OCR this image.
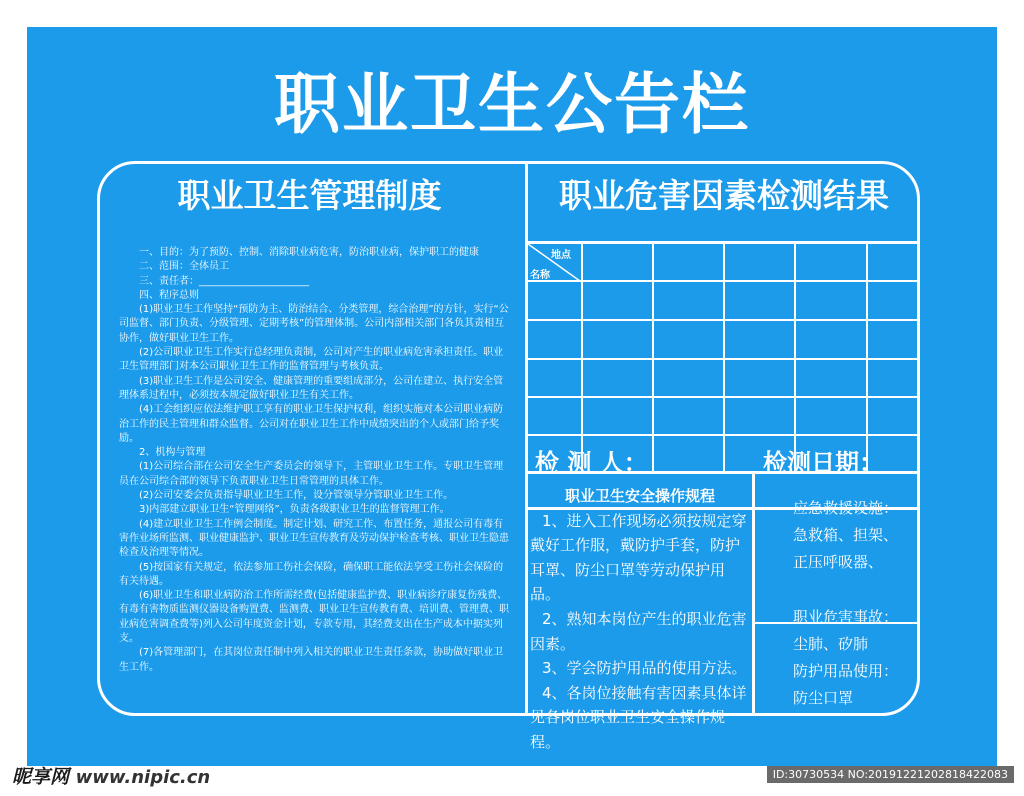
职业卫生公告栏
职业卫生管理制度	职业危害因素检测结果

一、目的：为了预防、控制、消除职业病危害，防治职业病，保护职工的健康

二、范围：全体员工

三、责任者：______________________

四、程序总则

(1)职业卫生工作坚持“预防为主、防治结合、分类管理，综合治理”的方针，实行“公司监督、部门负责、分级管理、定期考核”的管理体制。公司内部相关部门各负其责相互协作，做好职业卫生工作。

(2)公司职业卫生工作实行总经理负责制，公司对产生的职业病危害承担责任。职业卫生管理部门对本公司职业卫生工作的监督管理与考核负责。

(3)职业卫生工作是公司安全、健康管理的重要组成部分，公司在建立、执行安全管理体系过程中，必须按本规定做好职业卫生有关工作。

(4)工会组织应依法维护职工享有的职业卫生保护权利，组织实施对本公司职业病防治工作的民主管理和群众监督。公司对在职业卫生工作中成绩突出的个人或部门给予奖励。

2、机构与管理

(1)公司综合部在公司安全生产委员会的领导下，主管职业卫生工作。专职卫生管理员在公司综合部的领导下负责职业卫生日常管理的具体工作。

(2)公司安委会负责指导职业卫生工作，设分管领导分管职业卫生工作。

3)内部建立职业卫生“管理网络”，负责各级职业卫生的监督管理工作。

(4)建立职业卫生工作例会制度。制定计划、研究工作、布置任务，通报公司有毒有害作业场所监测、职业健康监护、职业卫生宣传教育及劳动保护检查考核、职业卫生隐患检查及治理等情况。

(5)按国家有关规定，依法参加工伤社会保险，确保职工能依法享受工伤社会保险的有关待遇。

(6)职业卫生和职业病防治工作所需经费(包括健康监护费、职业病诊疗康复伤残费、有毒有害物质监测仪器设备购置费、监测费、职业卫生宣传教育费、培训费、管理费、职业病危害调查费等)列入公司年度资金计划，专款专用，其经费支出在生产成本中据实列支。

(7)各管理部门，在其岗位责任制中列入相关的职业卫生责任条款，协助做好职业卫生工作。

地点
名称
检 测 人：	检测日期：
职业卫生安全操作规程

1、进入工作现场必须按规定穿戴好工作服，戴防护手套，防护耳罩、防尘口罩等劳动保护用品。

2、熟知本岗位产生的职业危害因素。

3、学会防护用品的使用方法。

4、各岗位接触有害因素具体详见各岗位职业卫生安全操作规程。

应急救援设施：
急救箱、担架、
正压呼吸器、
职业危害事故：
尘肺、矽肺
防护用品使用：
防尘口罩
昵享网 www.nipic.cn	ID:30730534 NO:20191221202818422083
